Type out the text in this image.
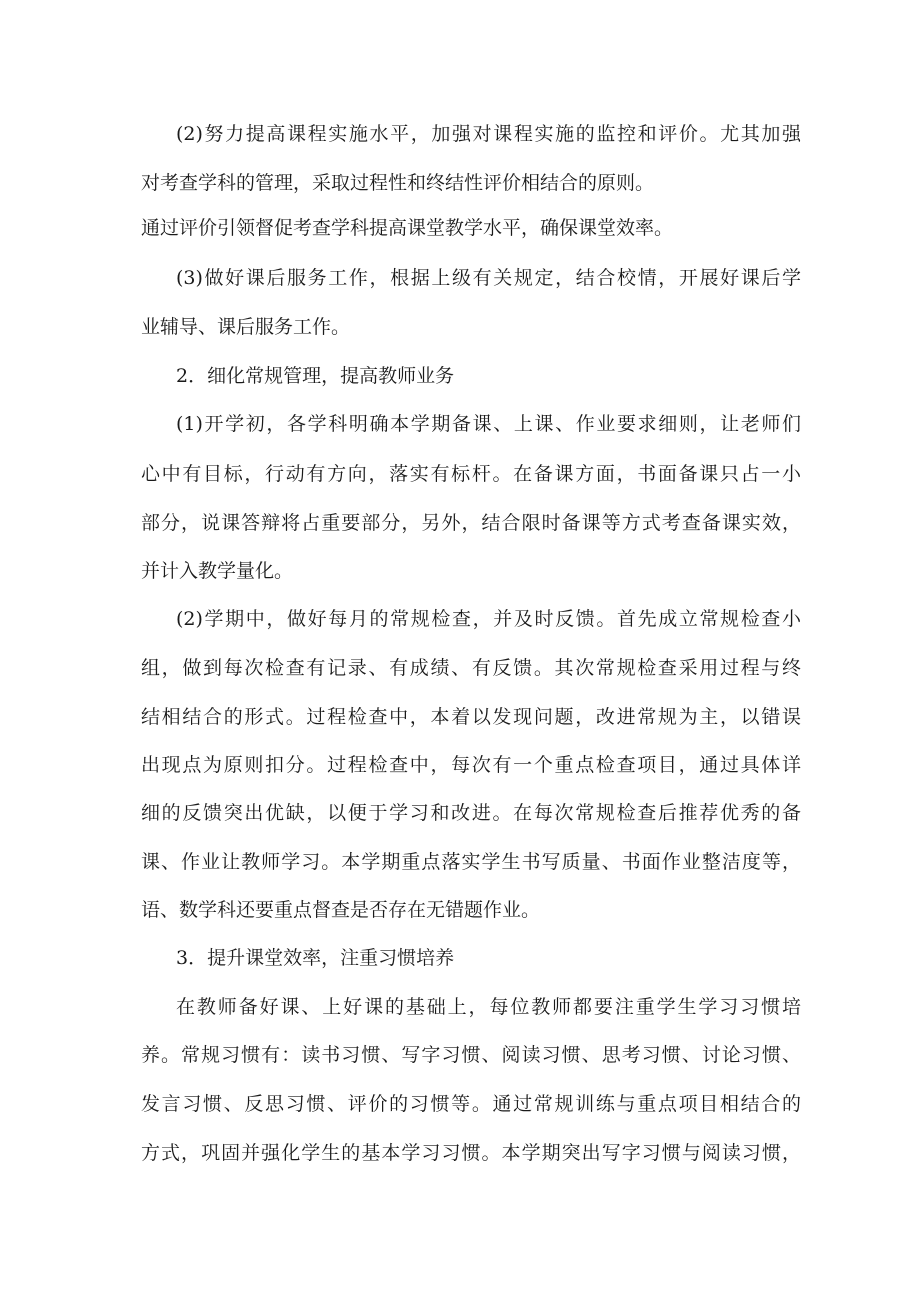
(2)努力提高课程实施水平，加强对课程实施的监控和评价。尤其加强
对考查学科的管理，采取过程性和终结性评价相结合的原则。
通过评价引领督促考查学科提高课堂教学水平，确保课堂效率。
(3)做好课后服务工作，根据上级有关规定，结合校情，开展好课后学
业辅导、课后服务工作。
2．细化常规管理，提高教师业务
(1)开学初，各学科明确本学期备课、上课、作业要求细则，让老师们
心中有目标，行动有方向，落实有标杆。在备课方面，书面备课只占一小
部分，说课答辩将占重要部分，另外，结合限时备课等方式考查备课实效，
并计入教学量化。
(2)学期中，做好每月的常规检查，并及时反馈。首先成立常规检查小
组，做到每次检查有记录、有成绩、有反馈。其次常规检查采用过程与终
结相结合的形式。过程检查中，本着以发现问题，改进常规为主，以错误
出现点为原则扣分。过程检查中，每次有一个重点检查项目，通过具体详
细的反馈突出优缺，以便于学习和改进。在每次常规检查后推荐优秀的备
课、作业让教师学习。本学期重点落实学生书写质量、书面作业整洁度等，
语、数学科还要重点督查是否存在无错题作业。
3．提升课堂效率，注重习惯培养
在教师备好课、上好课的基础上，每位教师都要注重学生学习习惯培
养。常规习惯有：读书习惯、写字习惯、阅读习惯、思考习惯、讨论习惯、
发言习惯、反思习惯、评价的习惯等。通过常规训练与重点项目相结合的
方式，巩固并强化学生的基本学习习惯。本学期突出写字习惯与阅读习惯，
